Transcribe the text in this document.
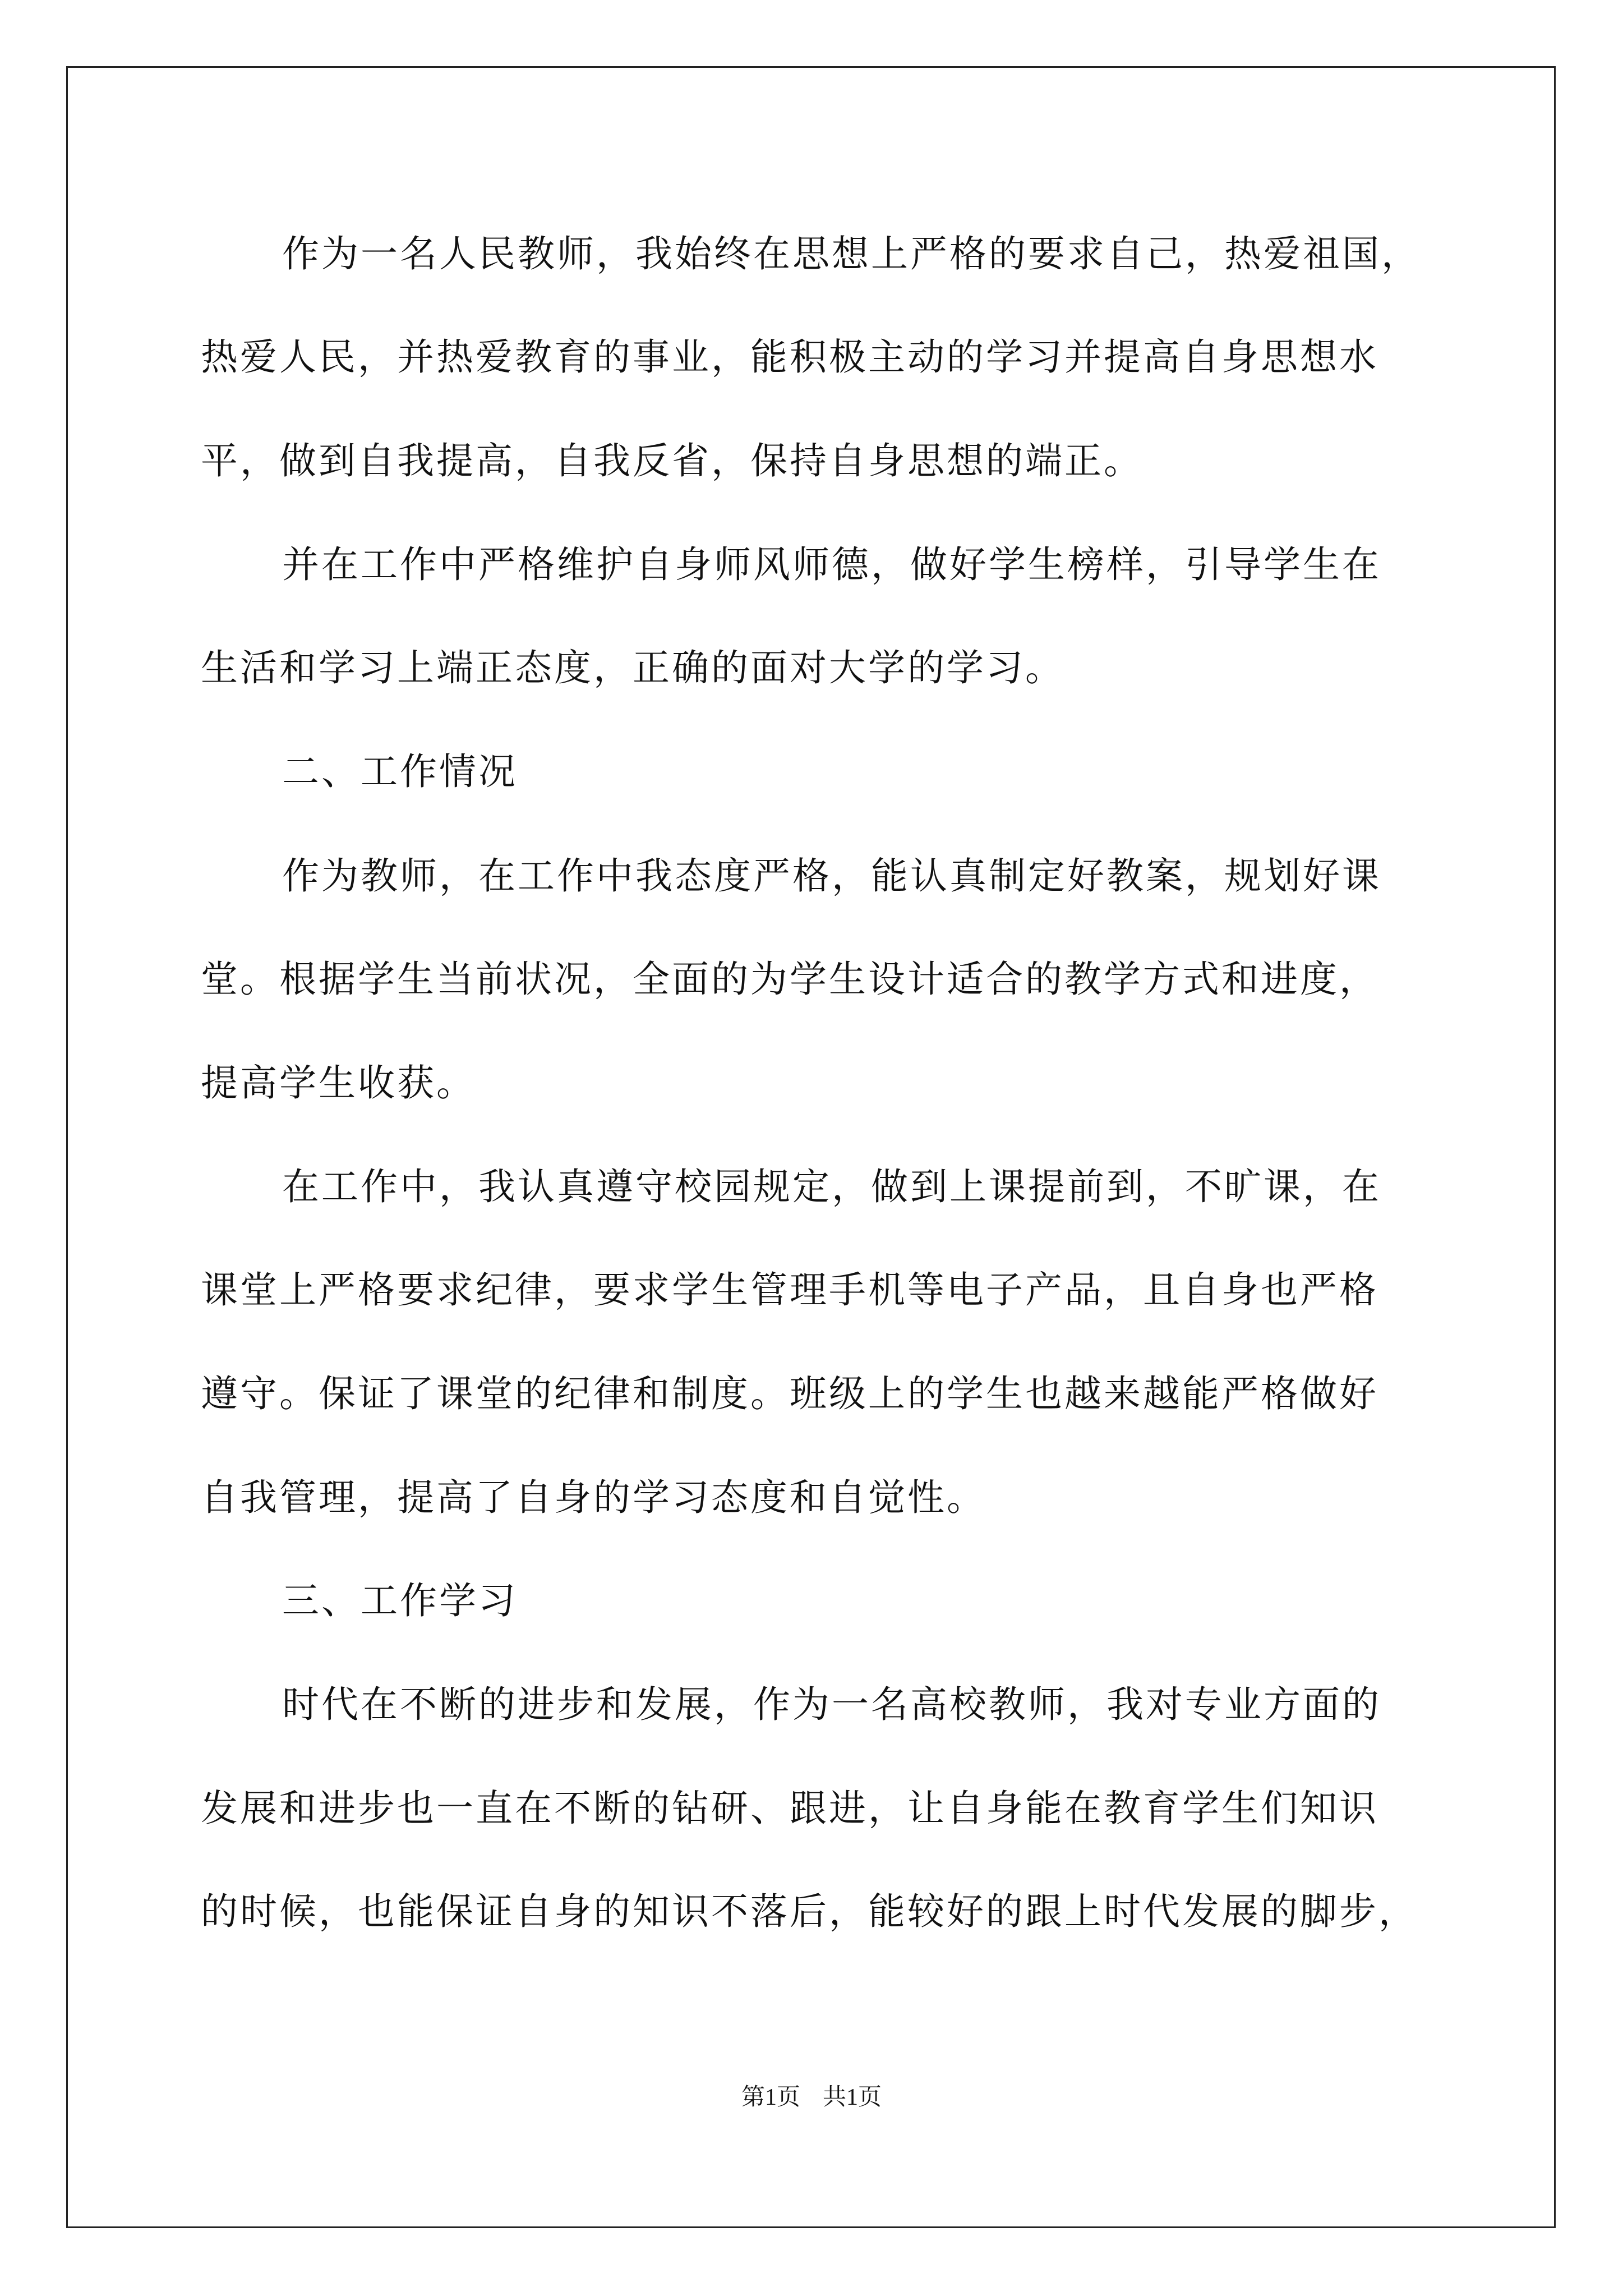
作为一名人民教师，我始终在思想上严格的要求自己，热爱祖国，
热爱人民，并热爱教育的事业，能积极主动的学习并提高自身思想水
平，做到自我提高，自我反省，保持自身思想的端正。
并在工作中严格维护自身师风师德，做好学生榜样，引导学生在
生活和学习上端正态度，正确的面对大学的学习。
二、工作情况
作为教师，在工作中我态度严格，能认真制定好教案，规划好课
堂。根据学生当前状况，全面的为学生设计适合的教学方式和进度，
提高学生收获。
在工作中，我认真遵守校园规定，做到上课提前到，不旷课，在
课堂上严格要求纪律，要求学生管理手机等电子产品，且自身也严格
遵守。保证了课堂的纪律和制度。班级上的学生也越来越能严格做好
自我管理，提高了自身的学习态度和自觉性。
三、工作学习
时代在不断的进步和发展，作为一名高校教师，我对专业方面的
发展和进步也一直在不断的钻研、跟进，让自身能在教育学生们知识
的时候，也能保证自身的知识不落后，能较好的跟上时代发展的脚步，
第1页 共1页
